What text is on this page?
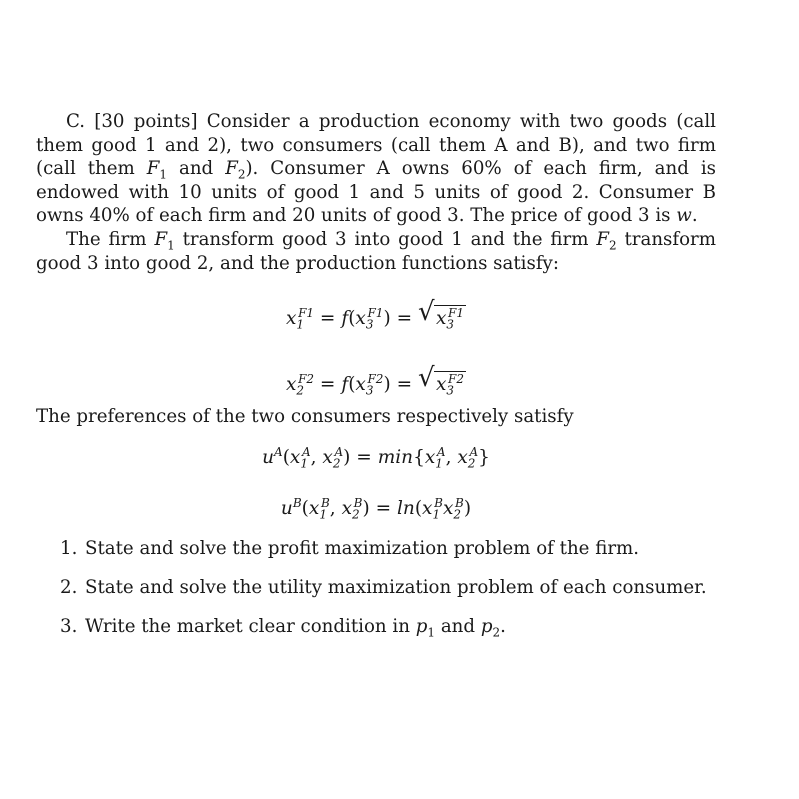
C. [30 points] Consider a production economy with two goods (call them good 1 and 2), two consumers (call them A and B), and two firm (call them $F_1$ and $F_2$). Consumer A owns 60% of each firm, and is endowed with 10 units of good 1 and 5 units of good 2. Consumer B owns 40% of each firm and 20 units of good 3. The price of good 3 is w.

The firm $F_1$ transform good 3 into good 1 and the firm $F_2$ transform good 3 into good 2, and the production functions satisfy:

$x_1^{F1} = f(x_3^{F1})$ = √ $x_3^{F1}$
$x_2^{F2} = f(x_3^{F2})$ = √ $x_3^{F2}$

The preferences of the two consumers respectively satisfy

$u^A(x_1^A$, $x_2^A) = \min\{x_1^A$, $x_2^A$}
$u^B(x_1^B$, $x_2^B) = \ln(x_1^Bx_2^B)$
1. State and solve the profit maximization problem of the firm.
2. State and solve the utility maximization problem of each consumer.
3. Write the market clear condition in $p_1$ and $p_2$.
